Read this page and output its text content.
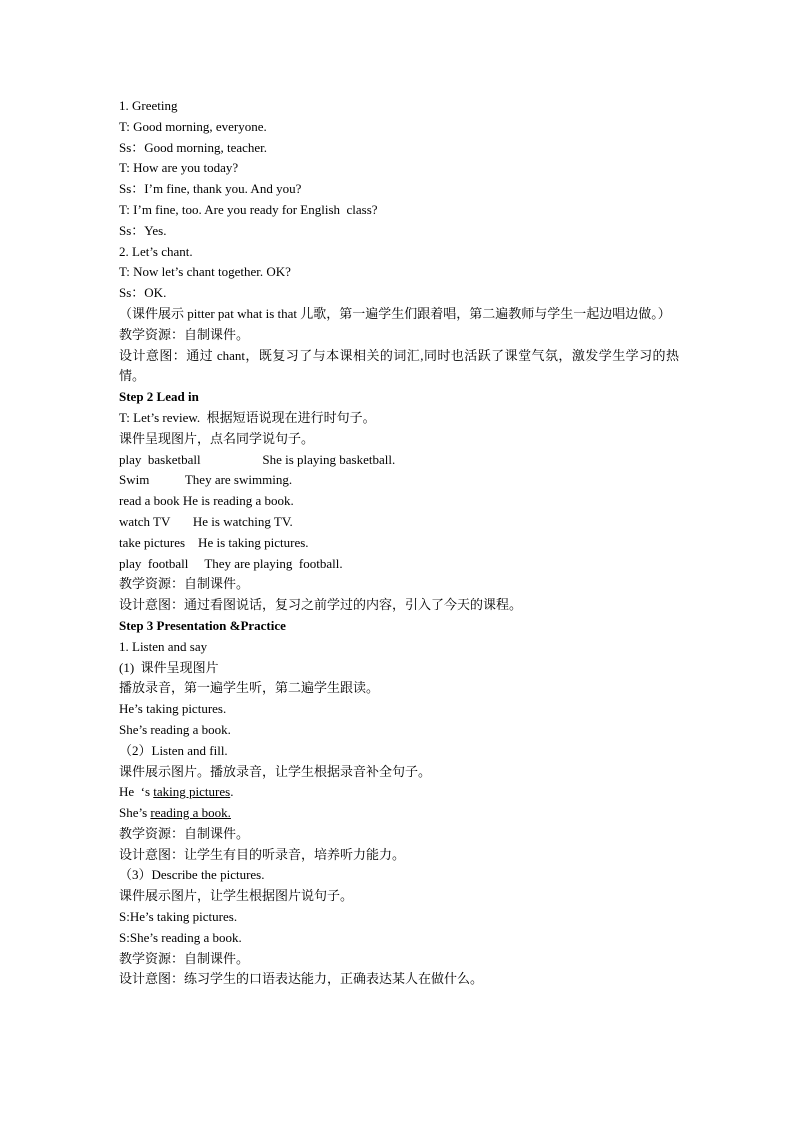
1. Greeting
T: Good morning, everyone.
Ss：Good morning, teacher.
T: How are you today?
Ss：I’m fine, thank you. And you?
T: I’m fine, too. Are you ready for English  class?
Ss：Yes.
2. Let’s chant.
T: Now let’s chant together. OK?
Ss：OK.
（课件展示 pitter pat what is that 儿歌，第一遍学生们跟着唱，第二遍教师与学生一起边唱边做。）
教学资源：自制课件。
设计意图：通过 chant，既复习了与本课相关的词汇,同时也活跃了课堂气氛，激发学生学习的热情。
Step 2 Lead in
T: Let’s review.  根据短语说现在进行时句子。
课件呈现图片，点名同学说句子。
play  basketball                   She is playing basketball.
Swim           They are swimming.
read a book He is reading a book.
watch TV       He is watching TV.
take pictures    He is taking pictures.
play  football     They are playing  football.
教学资源：自制课件。
设计意图：通过看图说话，复习之前学过的内容，引入了今天的课程。
Step 3 Presentation &Practice
1. Listen and say
(1)  课件呈现图片
播放录音，第一遍学生听，第二遍学生跟读。
He’s taking pictures.
She’s reading a book.
（2）Listen and fill.
课件展示图片。播放录音，让学生根据录音补全句子。
He  ‘s taking pictures.
She’s reading a book.
教学资源：自制课件。
设计意图：让学生有目的听录音，培养听力能力。
（3）Describe the pictures.
课件展示图片，让学生根据图片说句子。
S:He’s taking pictures.
S:She’s reading a book.
教学资源：自制课件。
设计意图：练习学生的口语表达能力，正确表达某人在做什么。
